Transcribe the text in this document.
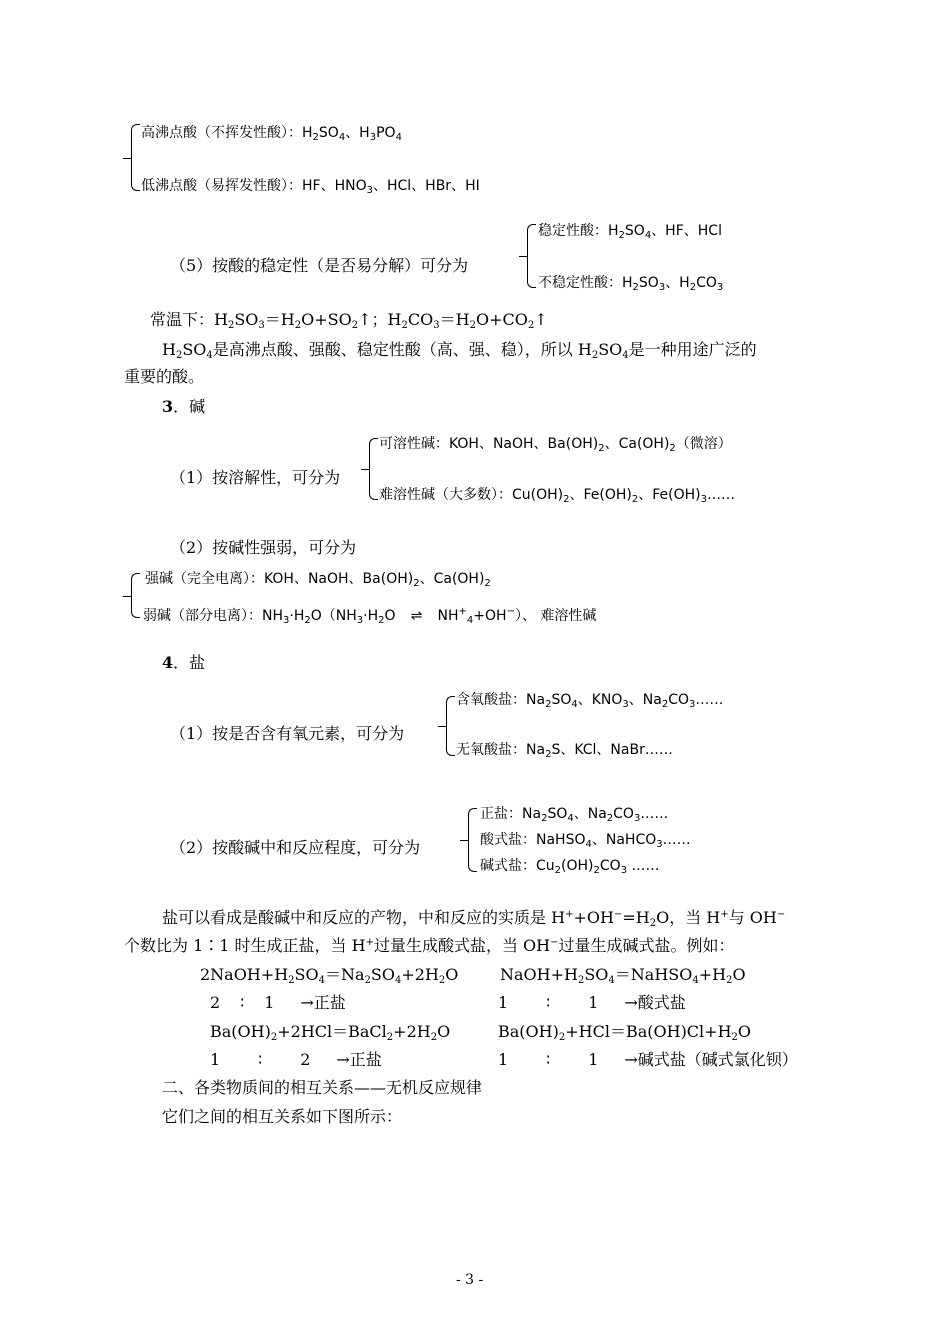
高沸点酸（不挥发性酸）：$H_2SO_4$、$H_3PO_4$
低沸点酸（易挥发性酸）：HF、$HNO_3$、HCl、HBr、HI
（5）按酸的稳定性（是否易分解）可分为
稳定性酸：$H_2SO_4$、HF、HCl
不稳定性酸：$H_2SO_3$、$H_2CO_3$
常温下：$H_2SO_3=H_2O+SO_2↑$；$H_2CO_3=H_2O+CO_2↑$
$H_2SO_4$是高沸点酸、强酸、稳定性酸（高、强、稳），所以 $H_2SO_4$是一种用途广泛的
重要的酸。
3．碱
（1）按溶解性，可分为
可溶性碱：KOH、NaOH、$Ba(OH)_2$、$Ca(OH)_2$（微溶）
难溶性碱（大多数）：$Cu(OH)_2$、$Fe(OH)_2$、$Fe(OH)_3\dots\dots$
（2）按碱性强弱，可分为
强碱（完全电离）：KOH、NaOH、$Ba(OH)_2$、$Ca(OH)_2$
弱碱（部分电离）：$NH_3\cdot H_2O(NH_3\cdot H_2O$ ⇌ $NH^+_4+OH^-$）、 难溶性碱
4．盐
（1）按是否含有氧元素，可分为
含氧酸盐：$Na_2SO_4$、$KNO_3$、$Na_2CO_3\dots\dots$
无氧酸盐：$Na_2S$、KCl、NaBr……
（2）按酸碱中和反应程度，可分为
正盐：$Na_2SO_4$、$Na_2CO_3\dots\dots$
酸式盐：NaHSO$_4$、NaHCO$_3$……
碱式盐：$Cu_2(OH)_2CO_3$ ……
盐可以看成是酸碱中和反应的产物，中和反应的实质是 $H^++OH^-=H_2O$，当 H+与 OH−
个数比为 1∶1 时生成正盐，当 H+过量生成酸式盐，当 OH−过量生成碱式盐。例如：
$2NaOH+H_2SO_4=Na_2SO_4+2H_2O$	$NaOH+H_2SO_4=NaHSO_4+H_2O$
2 ∶ 1 →正盐	1 ∶ 1 →酸式盐
$Ba(OH)_2+2HCl=BaCl_2+2H_2O$	$Ba(OH)_2+HCl=Ba(OH)Cl+H_2O$
1 ∶ 2 →正盐	1 ∶ 1 →碱式盐（碱式氯化钡）
二、各类物质间的相互关系——无机反应规律
它们之间的相互关系如下图所示：
- 3 -
